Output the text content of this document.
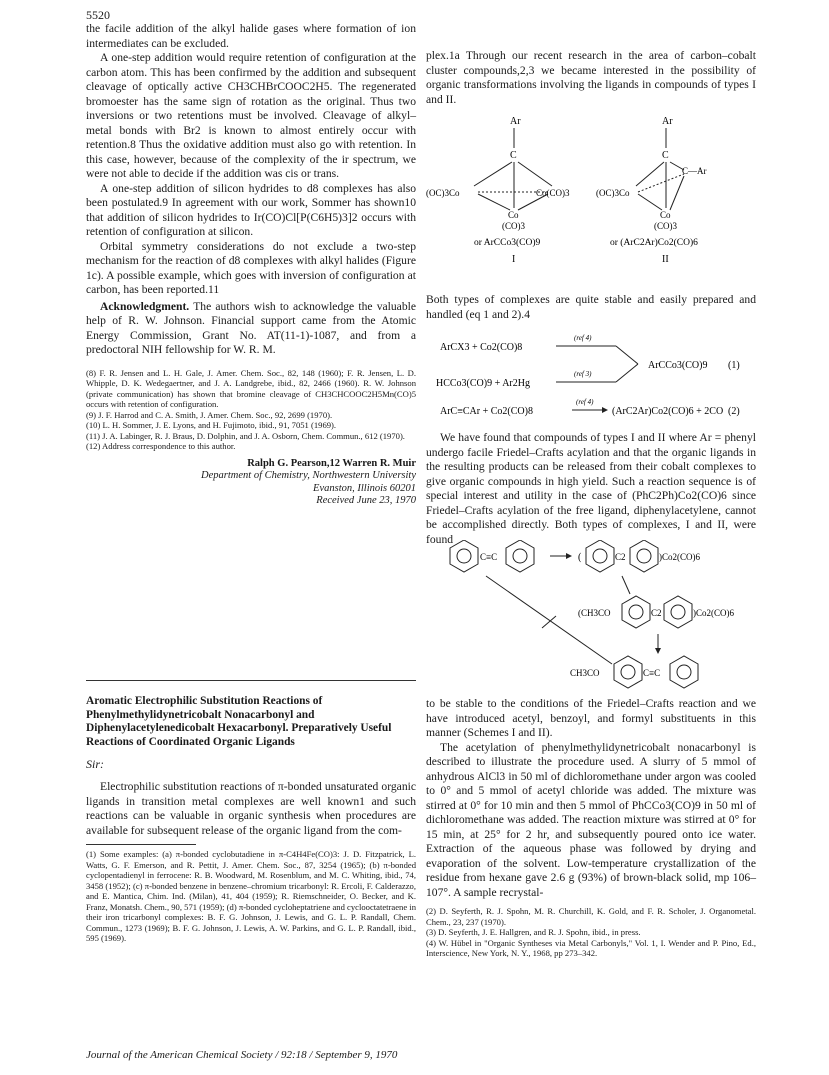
5520

the facile addition of the alkyl halide gases where formation of ion intermediates can be excluded.

A one-step addition would require retention of configuration at the carbon atom. This has been confirmed by the addition and subsequent cleavage of optically active CH3CHBrCOOC2H5. The regenerated bromoester has the same sign of rotation as the original. Thus two inversions or two retentions must be involved. Cleavage of alkyl–metal bonds with Br2 is known to almost entirely occur with retention.8 Thus the oxidative addition must also go with retention. In this case, however, because of the complexity of the ir spectrum, we were not able to decide if the addition was cis or trans.

A one-step addition of silicon hydrides to d8 complexes has also been postulated.9 In agreement with our work, Sommer has shown10 that addition of silicon hydrides to Ir(CO)Cl[P(C6H5)3]2 occurs with retention of configuration at silicon.

Orbital symmetry considerations do not exclude a two-step mechanism for the reaction of d8 complexes with alkyl halides (Figure 1c). A possible example, which goes with inversion of configuration at carbon, has been reported.11

Acknowledgment. The authors wish to acknowledge the valuable help of R. W. Johnson. Financial support came from the Atomic Energy Commission, Grant No. AT(11-1)-1087, and from a predoctoral NIH fellowship for W. R. M.

(8) F. R. Jensen and L. H. Gale, J. Amer. Chem. Soc., 82, 148 (1960); F. R. Jensen, L. D. Whipple, D. K. Wedegaertner, and J. A. Landgrebe, ibid., 82, 2466 (1960). R. W. Johnson (private communication) has shown that bromine cleavage of CH3CHCOOC2H5Mn(CO)5 occurs with retention of configuration.

(9) J. F. Harrod and C. A. Smith, J. Amer. Chem. Soc., 92, 2699 (1970).

(10) L. H. Sommer, J. E. Lyons, and H. Fujimoto, ibid., 91, 7051 (1969).

(11) J. A. Labinger, R. J. Braus, D. Dolphin, and J. A. Osborn, Chem. Commun., 612 (1970).

(12) Address correspondence to this author.

Ralph G. Pearson,12 Warren R. Muir
Department of Chemistry, Northwestern University
Evanston, Illinois 60201
Received June 23, 1970
Aromatic Electrophilic Substitution Reactions of Phenylmethylidynetricobalt Nonacarbonyl and Diphenylacetylenedicobalt Hexacarbonyl. Preparatively Useful Reactions of Coordinated Organic Ligands
Sir:

Electrophilic substitution reactions of π-bonded unsaturated organic ligands in transition metal complexes are well known1 and such reactions can be valuable in organic synthesis when procedures are available for subsequent release of the organic ligand from the com-

(1) Some examples: (a) π-bonded cyclobutadiene in π-C4H4Fe(CO)3: J. D. Fitzpatrick, L. Watts, G. F. Emerson, and R. Pettit, J. Amer. Chem. Soc., 87, 3254 (1965); (b) π-bonded cyclopentadienyl in ferrocene: R. B. Woodward, M. Rosenblum, and M. C. Whiting, ibid., 74, 3458 (1952); (c) π-bonded benzene in benzene–chromium tricarbonyl: R. Ercoli, F. Calderazzo, and E. Mantica, Chim. Ind. (Milan), 41, 404 (1959); R. Riemschneider, O. Becker, and K. Franz, Monatsh. Chem., 90, 571 (1959); (d) π-bonded cycloheptatriene and cyclooctatetraene in their iron tricarbonyl complexes: B. F. G. Johnson, J. Lewis, and G. L. P. Randall, Chem. Commun., 1273 (1969); B. F. G. Johnson, J. Lewis, A. W. Parkins, and G. L. P. Randall, ibid., 595 (1969).

plex.1a Through our recent research in the area of carbon–cobalt cluster compounds,2,3 we became interested in the possibility of organic transformations involving the ligands in compounds of types I and II.

Ar
C
(OC)3Co	Co(CO)3
Co
(CO)3
or ArCCo3(CO)9
I
Ar
C
(OC)3Co
C—Ar
Co
(CO)3
or (ArC2Ar)Co2(CO)6
II

Both types of complexes are quite stable and easily prepared and handled (eq 1 and 2).4

ArCX3 + Co2(CO)8
(ref 4)
HCCo3(CO)9 + Ar2Hg
(ref 3)
ArCCo3(CO)9 (1)
ArC≡CAr + Co2(CO)8
(ref 4)
(ArC2Ar)Co2(CO)6 + 2CO (2)

We have found that compounds of types I and II where Ar = phenyl undergo facile Friedel–Crafts acylation and that the organic ligands in the resulting products can be released from their cobalt complexes to give organic compounds in high yield. Such a reaction sequence is of special interest and utility in the case of (PhC2Ph)Co2(CO)6 since Friedel–Crafts acylation of the free ligand, diphenylacetylene, cannot be accomplished directly. Both types of complexes, I and II, were found

C≡C	(	C2	)Co2(CO)6
(CH3CO	C2	)Co2(CO)6
CH3CO	C≡C

to be stable to the conditions of the Friedel–Crafts reaction and we have introduced acetyl, benzoyl, and formyl substituents in this manner (Schemes I and II).

The acetylation of phenylmethylidynetricobalt nonacarbonyl is described to illustrate the procedure used. A slurry of 5 mmol of anhydrous AlCl3 in 50 ml of dichloromethane under argon was cooled to 0° and 5 mmol of acetyl chloride was added. The mixture was stirred at 0° for 10 min and then 5 mmol of PhCCo3(CO)9 in 50 ml of dichloromethane was added. The reaction mixture was stirred at 0° for 15 min, at 25° for 2 hr, and subsequently poured onto ice water. Extraction of the aqueous phase was followed by drying and evaporation of the solvent. Low-temperature crystallization of the residue from hexane gave 2.6 g (93%) of brown-black solid, mp 106–107°. A sample recrystal-

(2) D. Seyferth, R. J. Spohn, M. R. Churchill, K. Gold, and F. R. Scholer, J. Organometal. Chem., 23, 237 (1970).

(3) D. Seyferth, J. E. Hallgren, and R. J. Spohn, ibid., in press.

(4) W. Hübel in "Organic Syntheses via Metal Carbonyls," Vol. 1, I. Wender and P. Pino, Ed., Interscience, New York, N. Y., 1968, pp 273–342.

Journal of the American Chemical Society / 92:18 / September 9, 1970
